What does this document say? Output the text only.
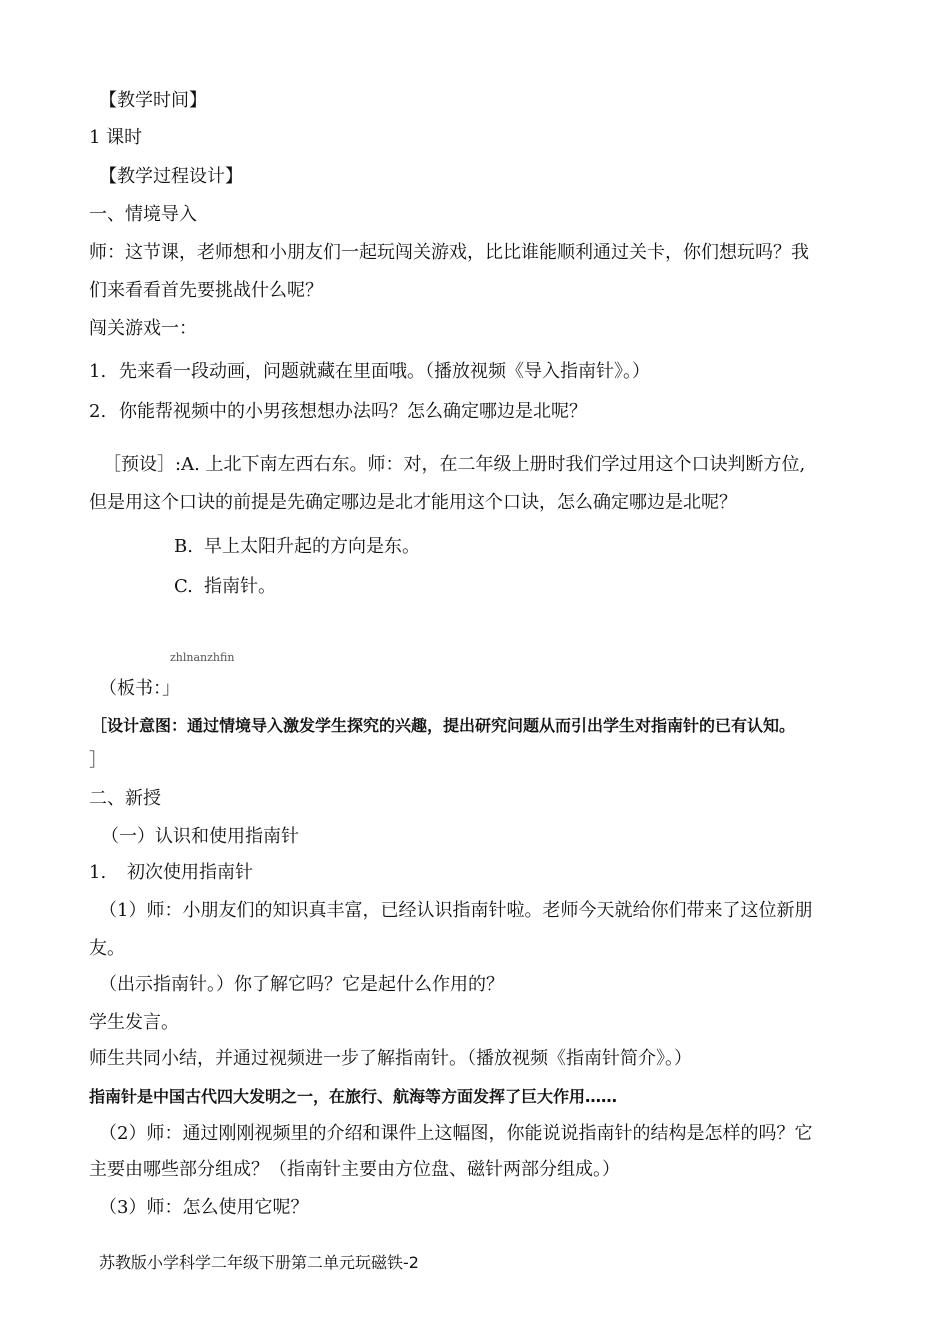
【教学时间】
1 课时
【教学过程设计】
一、情境导入
师：这节课，老师想和小朋友们一起玩闯关游戏，比比谁能顺利通过关卡，你们想玩吗？我
们来看看首先要挑战什么呢？
闯关游戏一：
1. 先来看一段动画，问题就藏在里面哦。（播放视频《导入指南针》。）
2. 你能帮视频中的小男孩想想办法吗？怎么确定哪边是北呢？
［预设］:A. 上北下南左西右东。师：对，在二年级上册时我们学过用这个口诀判断方位,
但是用这个口诀的前提是先确定哪边是北才能用这个口诀，怎么确定哪边是北呢？
B. 早上太阳升起的方向是东。
C. 指南针。
zhlnanzhfin
（板书：」
［设计意图：通过情境导入激发学生探究的兴趣，提出研究问题从而引出学生对指南针的已有认知。
］
二、新授
（一）认识和使用指南针
1. 初次使用指南针
（1）师：小朋友们的知识真丰富，已经认识指南针啦。老师今天就给你们带来了这位新朋
友。
（出示指南针。）你了解它吗？它是起什么作用的？
学生发言。
师生共同小结，并通过视频进一步了解指南针。（播放视频《指南针简介》。）
指南针是中国古代四大发明之一，在旅行、航海等方面发挥了巨大作用……
（2）师：通过刚刚视频里的介绍和课件上这幅图，你能说说指南针的结构是怎样的吗？它
主要由哪些部分组成？（指南针主要由方位盘、磁针两部分组成。）
（3）师：怎么使用它呢？
苏教版小学科学二年级下册第二单元玩磁铁-2
